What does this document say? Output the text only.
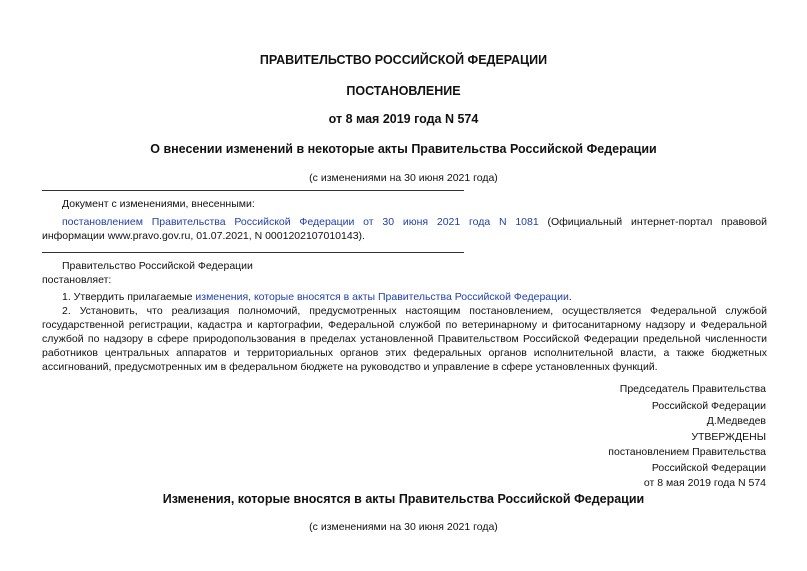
ПРАВИТЕЛЬСТВО РОССИЙСКОЙ ФЕДЕРАЦИИ
ПОСТАНОВЛЕНИЕ
от 8 мая 2019 года N 574
О внесении изменений в некоторые акты Правительства Российской Федерации
(с изменениями на 30 июня 2021 года)
Документ с изменениями, внесенными:
постановлением Правительства Российской Федерации от 30 июня 2021 года N 1081 (Официальный интернет-портал правовой
информации www.pravo.gov.ru, 01.07.2021, N 0001202107010143).
Правительство Российской Федерации
постановляет:
1. Утвердить прилагаемые изменения, которые вносятся в акты Правительства Российской Федерации.
2. Установить, что реализация полномочий, предусмотренных настоящим постановлением, осуществляется Федеральной службой государственной регистрации, кадастра и картографии, Федеральной службой по ветеринарному и фитосанитарному надзору и Федеральной службой по надзору в сфере природопользования в пределах установленной Правительством Российской Федерации предельной численности работников центральных аппаратов и территориальных органов этих федеральных органов исполнительной власти, а также бюджетных ассигнований, предусмотренных им в федеральном бюджете на руководство и управление в сфере установленных функций.
Председатель Правительства
Российской Федерации
Д.Медведев
УТВЕРЖДЕНЫ
постановлением Правительства
Российской Федерации
от 8 мая 2019 года N 574
Изменения, которые вносятся в акты Правительства Российской Федерации
(с изменениями на 30 июня 2021 года)
